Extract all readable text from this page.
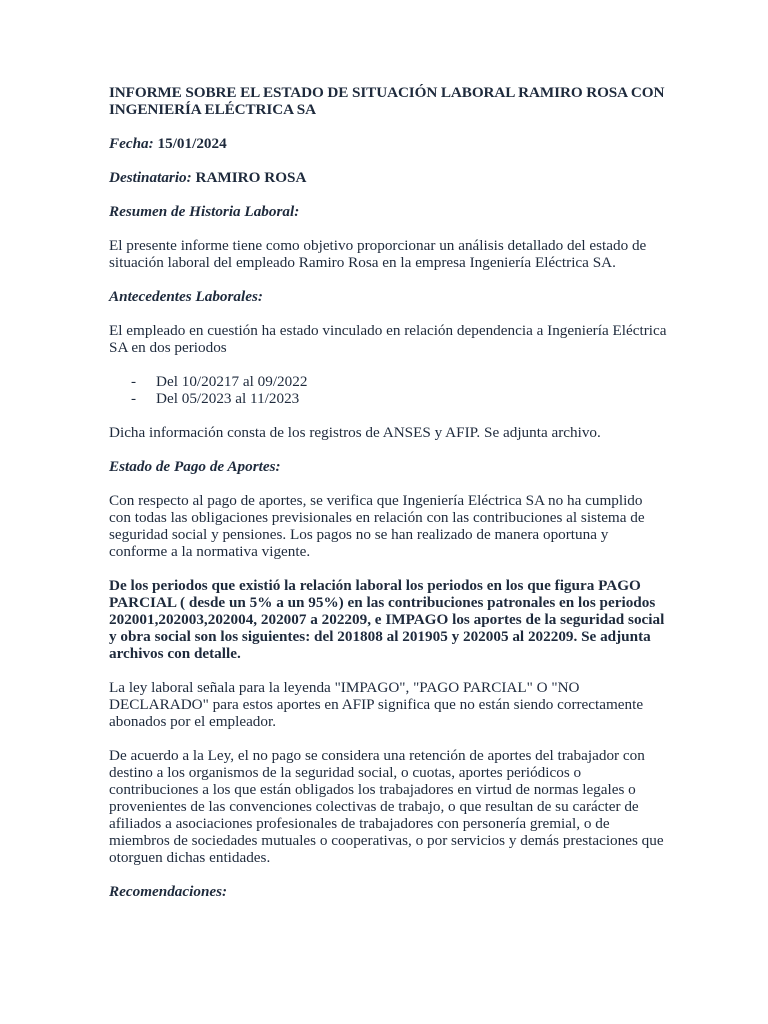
INFORME SOBRE EL ESTADO DE SITUACIÓN LABORAL RAMIRO ROSA CON INGENIERÍA ELÉCTRICA SA
Fecha: 15/01/2024
Destinatario: RAMIRO ROSA
Resumen de Historia Laboral:

El presente informe tiene como objetivo proporcionar un análisis detallado del estado de situación laboral del empleado Ramiro Rosa en la empresa Ingeniería Eléctrica SA.

Antecedentes Laborales:

El empleado en cuestión ha estado vinculado en relación dependencia a Ingeniería Eléctrica SA en dos periodos

- Del 10/20217 al 09/2022
- Del 05/2023 al 11/2023

Dicha información consta de los registros de ANSES y AFIP. Se adjunta archivo.

Estado de Pago de Aportes:

Con respecto al pago de aportes, se verifica que Ingeniería Eléctrica SA no ha cumplido con todas las obligaciones previsionales en relación con las contribuciones al sistema de seguridad social y pensiones. Los pagos no se han realizado de manera oportuna y conforme a la normativa vigente.

De los periodos que existió la relación laboral los periodos en los que figura PAGO PARCIAL ( desde un 5% a un 95%) en las contribuciones patronales en los periodos 202001,202003,202004, 202007 a 202209, e IMPAGO los aportes de la seguridad social y obra social son los siguientes: del 201808 al 201905 y 202005 al 202209. Se adjunta archivos con detalle.

La ley laboral señala para la leyenda "IMPAGO", "PAGO PARCIAL" O "NO DECLARADO" para estos aportes en AFIP significa que no están siendo correctamente abonados por el empleador.

De acuerdo a la Ley, el no pago se considera una retención de aportes del trabajador con destino a los organismos de la seguridad social, o cuotas, aportes periódicos o contribuciones a los que están obligados los trabajadores en virtud de normas legales o provenientes de las convenciones colectivas de trabajo, o que resultan de su carácter de afiliados a asociaciones profesionales de trabajadores con personería gremial, o de miembros de sociedades mutuales o cooperativas, o por servicios y demás prestaciones que otorguen dichas entidades.

Recomendaciones:
